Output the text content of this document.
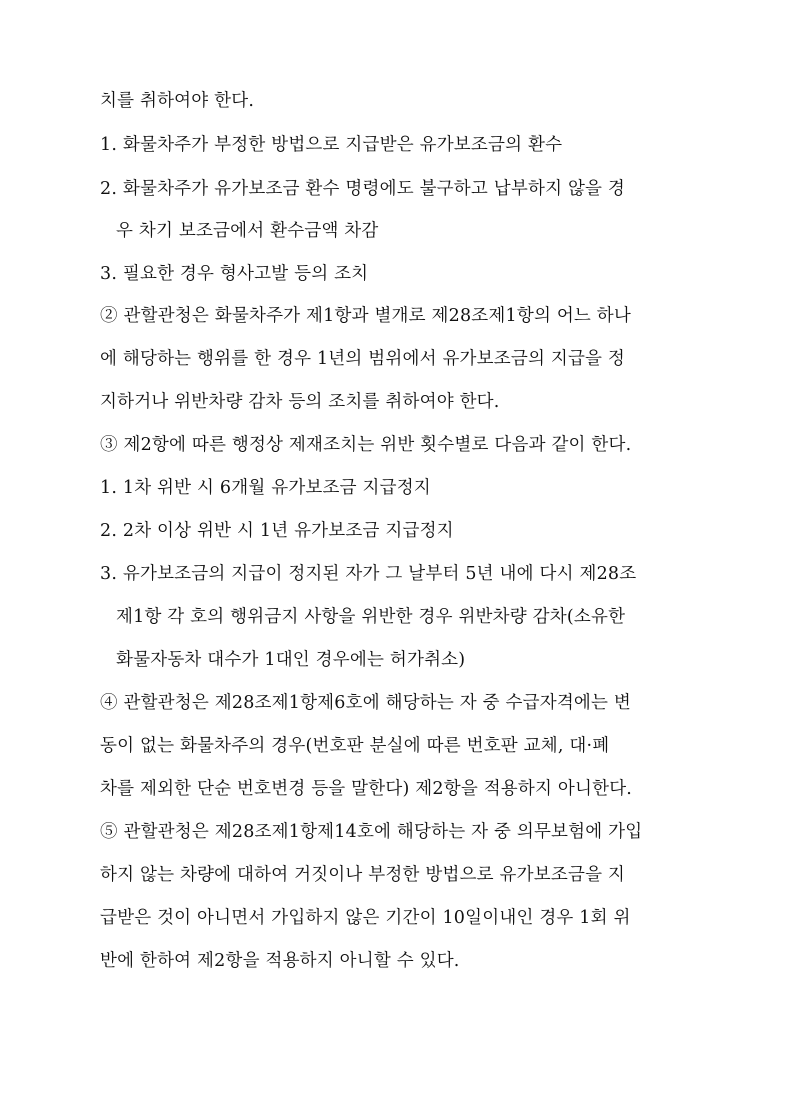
치를 취하여야 한다.
1. 화물차주가 부정한 방법으로 지급받은 유가보조금의 환수
2. 화물차주가 유가보조금 환수 명령에도 불구하고 납부하지 않을 경
우 차기 보조금에서 환수금액 차감
3. 필요한 경우 형사고발 등의 조치
② 관할관청은 화물차주가 제1항과 별개로 제28조제1항의 어느 하나
에 해당하는 행위를 한 경우 1년의 범위에서 유가보조금의 지급을 정
지하거나 위반차량 감차 등의 조치를 취하여야 한다.
③ 제2항에 따른 행정상 제재조치는 위반 횟수별로 다음과 같이 한다.
1. 1차 위반 시 6개월 유가보조금 지급정지
2. 2차 이상 위반 시 1년 유가보조금 지급정지
3. 유가보조금의 지급이 정지된 자가 그 날부터 5년 내에 다시 제28조
제1항 각 호의 행위금지 사항을 위반한 경우 위반차량 감차(소유한
화물자동차 대수가 1대인 경우에는 허가취소)
④ 관할관청은 제28조제1항제6호에 해당하는 자 중 수급자격에는 변
동이 없는 화물차주의 경우(번호판 분실에 따른 번호판 교체, 대·폐
차를 제외한 단순 번호변경 등을 말한다) 제2항을 적용하지 아니한다.
⑤ 관할관청은 제28조제1항제14호에 해당하는 자 중 의무보험에 가입
하지 않는 차량에 대하여 거짓이나 부정한 방법으로 유가보조금을 지
급받은 것이 아니면서 가입하지 않은 기간이 10일이내인 경우 1회 위
반에 한하여 제2항을 적용하지 아니할 수 있다.
